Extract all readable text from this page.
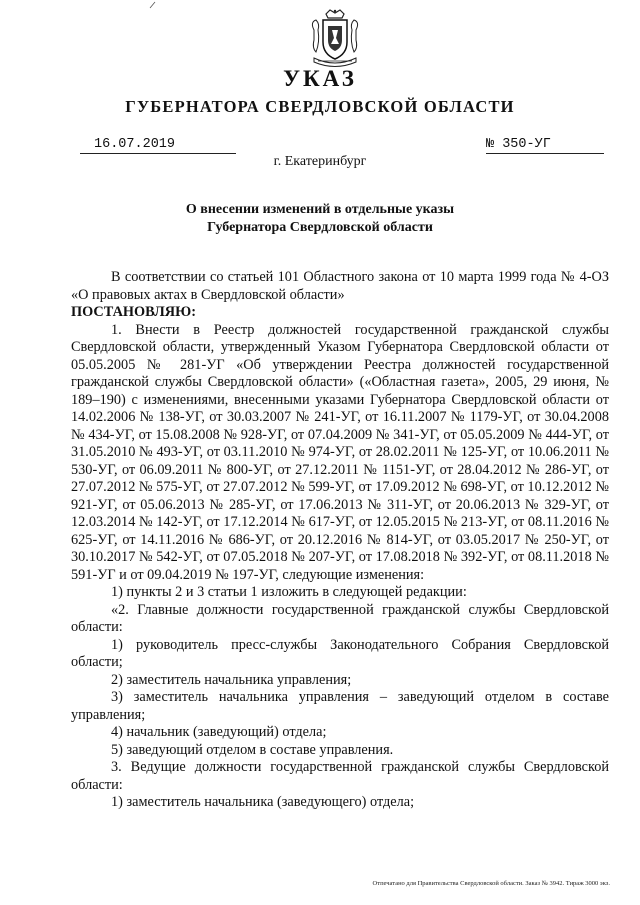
УКАЗ
ГУБЕРНАТОРА СВЕРДЛОВСКОЙ ОБЛАСТИ
16.07.2019	№ 350-УГ
г. Екатеринбург
О внесении изменений в отдельные указы
Губернатора Свердловской области

В соответствии со статьей 101 Областного закона от 10 марта 1999 года № 4-ОЗ «О правовых актах в Свердловской области»

ПОСТАНОВЛЯЮ:

1. Внести в Реестр должностей государственной гражданской службы Свердловской области, утвержденный Указом Губернатора Свердловской области от 05.05.2005 № 281-УГ «Об утверждении Реестра должностей государственной гражданской службы Свердловской области» («Областная газета», 2005, 29 июня, № 189–190) с изменениями, внесенными указами Губернатора Свердловской области от 14.02.2006 № 138-УГ, от 30.03.2007 № 241-УГ, от 16.11.2007 № 1179-УГ, от 30.04.2008 № 434-УГ, от 15.08.2008 № 928-УГ, от 07.04.2009 № 341-УГ, от 05.05.2009 № 444-УГ, от 31.05.2010 № 493-УГ, от 03.11.2010 № 974-УГ, от 28.02.2011 № 125-УГ, от 10.06.2011 № 530-УГ, от 06.09.2011 № 800-УГ, от 27.12.2011 № 1151-УГ, от 28.04.2012 № 286-УГ, от 27.07.2012 № 575-УГ, от 27.07.2012 № 599-УГ, от 17.09.2012 № 698-УГ, от 10.12.2012 № 921-УГ, от 05.06.2013 № 285-УГ, от 17.06.2013 № 311-УГ, от 20.06.2013 № 329-УГ, от 12.03.2014 № 142-УГ, от 17.12.2014 № 617-УГ, от 12.05.2015 № 213-УГ, от 08.11.2016 № 625-УГ, от 14.11.2016 № 686-УГ, от 20.12.2016 № 814-УГ, от 03.05.2017 № 250-УГ, от 30.10.2017 № 542-УГ, от 07.05.2018 № 207-УГ, от 17.08.2018 № 392-УГ, от 08.11.2018 № 591-УГ и от 09.04.2019 № 197-УГ, следующие изменения:

1) пункты 2 и 3 статьи 1 изложить в следующей редакции:

«2. Главные должности государственной гражданской службы Свердловской области:

1) руководитель пресс-службы Законодательного Собрания Свердловской области;

2) заместитель начальника управления;

3) заместитель начальника управления – заведующий отделом в составе управления;

4) начальник (заведующий) отдела;

5) заведующий отделом в составе управления.

3. Ведущие должности государственной гражданской службы Свердловской области:

1) заместитель начальника (заведующего) отдела;

Отпечатано для Правительства Свердловской области. Заказ № 3942. Тираж 3000 экз.
